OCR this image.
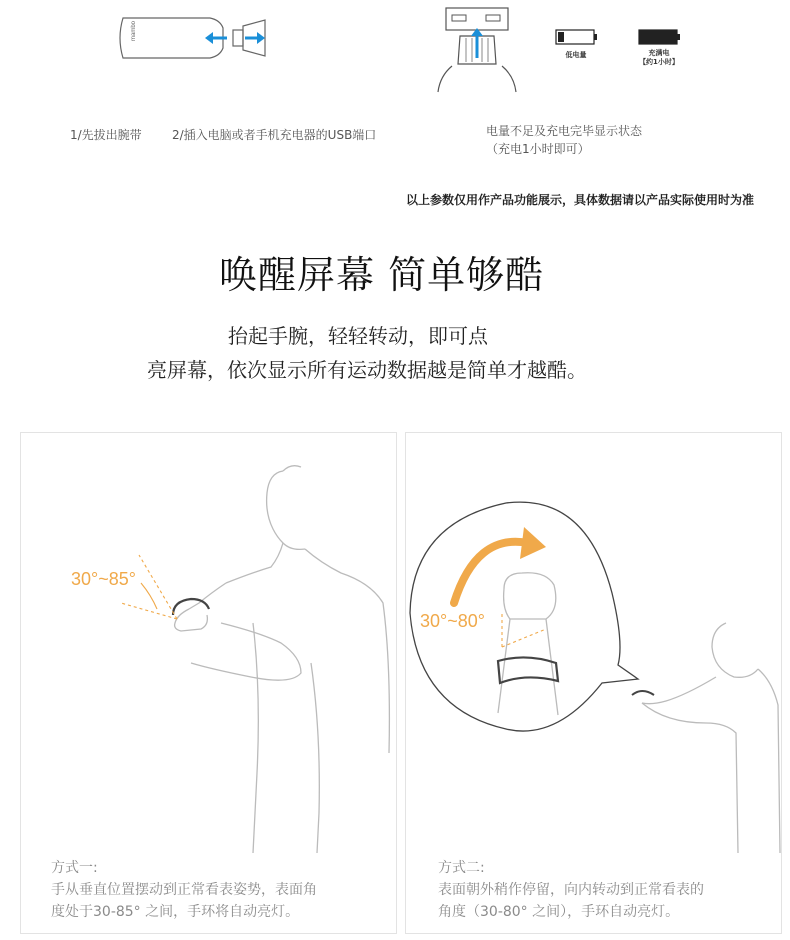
mambo
低电量	充满电
【约1小时】
1/先拔出腕带	2/插入电脑或者手机充电器的USB端口	电量不足及充电完毕显示状态
（充电1小时即可）
以上参数仅用作产品功能展示，具体数据请以产品实际使用时为准
唤醒屏幕 简单够酷
抬起手腕，轻轻转动，即可点
亮屏幕，依次显示所有运动数据越是简单才越酷。
30°~85°
方式一:
手从垂直位置摆动到正常看表姿势，表面角
度处于30-85° 之间，手环将自动亮灯。
30°~80°
方式二:
表面朝外稍作停留，向内转动到正常看表的
角度（30-80° 之间），手环自动亮灯。
